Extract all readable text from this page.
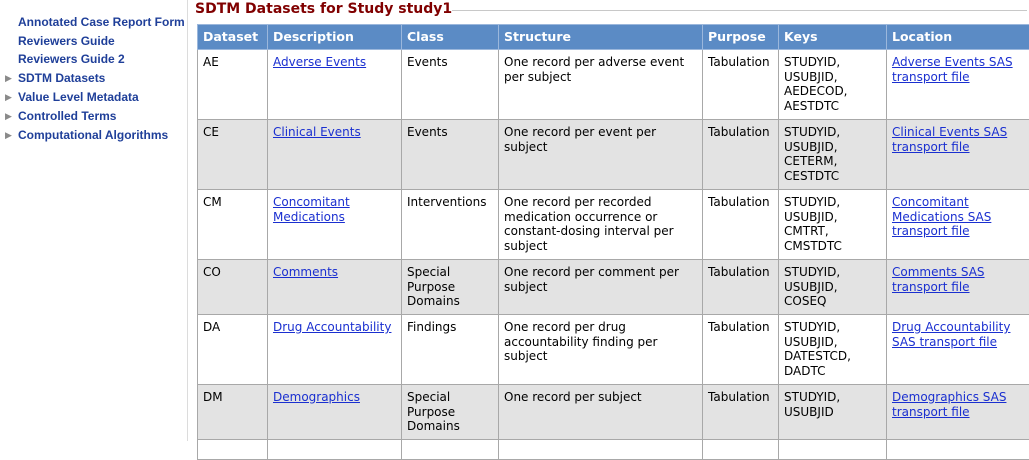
Annotated Case Report Form
Reviewers Guide
Reviewers Guide 2
▶ SDTM Datasets
▶ Value Level Metadata
▶ Controlled Terms
▶ Computational Algorithms
SDTM Datasets for Study study1
Dataset	Description	Class	Structure	Purpose	Keys	Location
AE	Adverse Events	Events	One record per adverse event per subject	Tabulation	STUDYID,
USUBJID,
AEDECOD,
AESTDTC	Adverse Events SAS transport file
CE	Clinical Events	Events	One record per event per subject	Tabulation	STUDYID,
USUBJID,
CETERM,
CESTDTC	Clinical Events SAS transport file
CM	Concomitant Medications	Interventions	One record per recorded medication occurrence or constant-dosing interval per subject	Tabulation	STUDYID,
USUBJID,
CMTRT,
CMSTDTC	Concomitant Medications SAS transport file
CO	Comments	Special Purpose Domains	One record per comment per subject	Tabulation	STUDYID,
USUBJID,
COSEQ	Comments SAS transport file
DA	Drug Accountability	Findings	One record per drug accountability finding per subject	Tabulation	STUDYID,
USUBJID,
DATESTCD,
DADTC	Drug Accountability SAS transport file
DM	Demographics	Special Purpose Domains	One record per subject	Tabulation	STUDYID,
USUBJID	Demographics SAS transport file
